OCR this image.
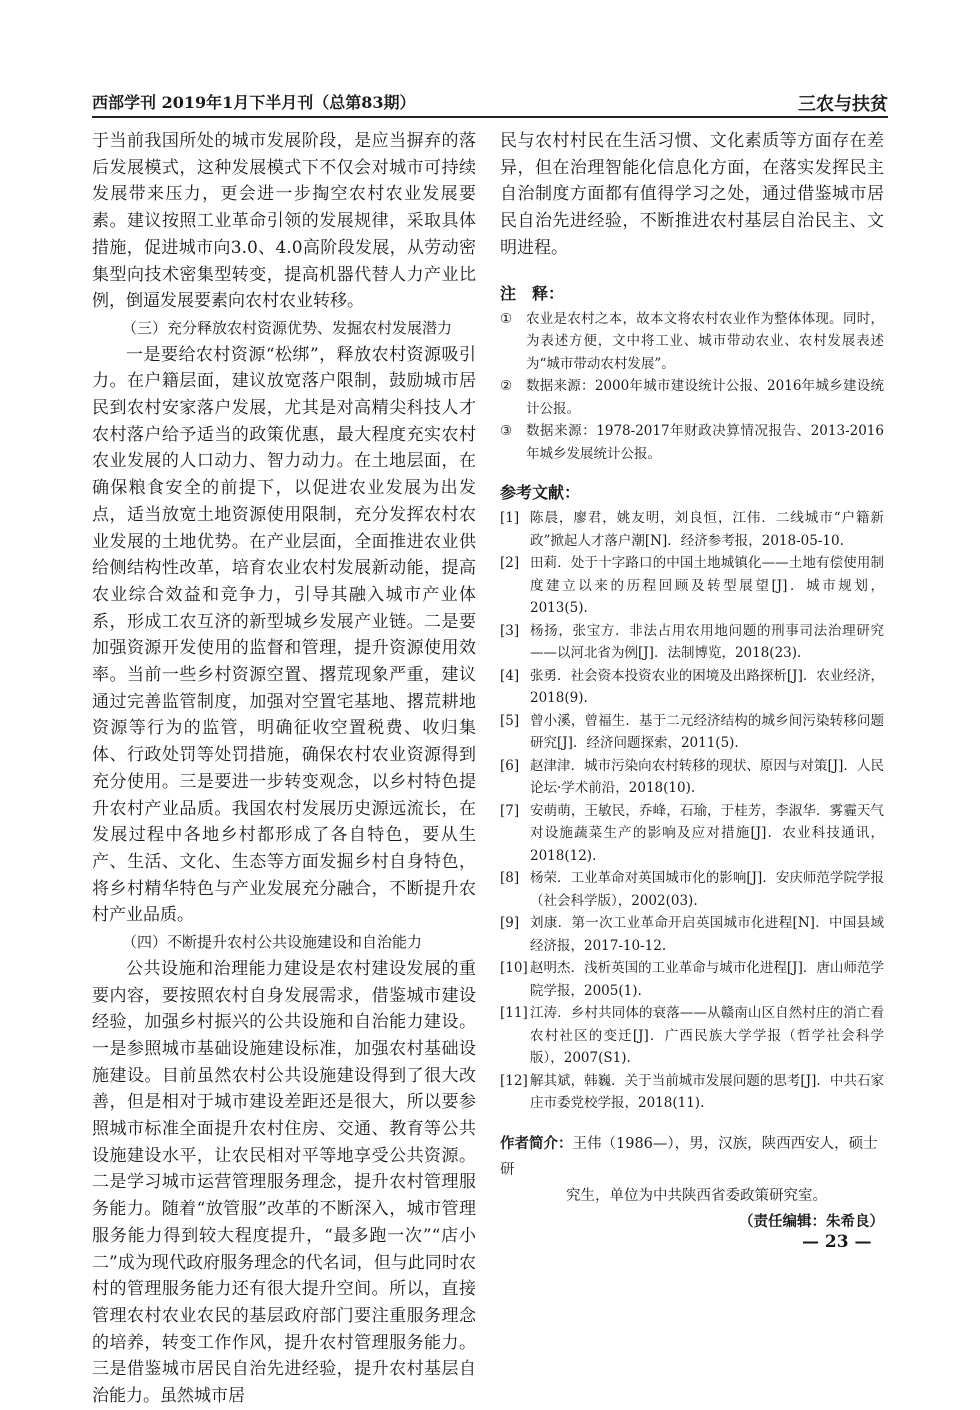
西部学刊 2019年1月下半月刊（总第83期）	三农与扶贫

于当前我国所处的城市发展阶段，是应当摒弃的落后发展模式，这种发展模式下不仅会对城市可持续发展带来压力，更会进一步掏空农村农业发展要素。建议按照工业革命引领的发展规律，采取具体措施，促进城市向3.0、4.0高阶段发展，从劳动密集型向技术密集型转变，提高机器代替人力产业比例，倒逼发展要素向农村农业转移。

（三）充分释放农村资源优势、发掘农村发展潜力

一是要给农村资源“松绑”，释放农村资源吸引力。在户籍层面，建议放宽落户限制，鼓励城市居民到农村安家落户发展，尤其是对高精尖科技人才农村落户给予适当的政策优惠，最大程度充实农村农业发展的人口动力、智力动力。在土地层面，在确保粮食安全的前提下，以促进农业发展为出发点，适当放宽土地资源使用限制，充分发挥农村农业发展的土地优势。在产业层面，全面推进农业供给侧结构性改革，培育农业农村发展新动能，提高农业综合效益和竞争力，引导其融入城市产业体系，形成工农互济的新型城乡发展产业链。二是要加强资源开发使用的监督和管理，提升资源使用效率。当前一些乡村资源空置、撂荒现象严重，建议通过完善监管制度，加强对空置宅基地、撂荒耕地资源等行为的监管，明确征收空置税费、收归集体、行政处罚等处罚措施，确保农村农业资源得到充分使用。三是要进一步转变观念，以乡村特色提升农村产业品质。我国农村发展历史源远流长，在发展过程中各地乡村都形成了各自特色，要从生产、生活、文化、生态等方面发掘乡村自身特色，将乡村精华特色与产业发展充分融合，不断提升农村产业品质。

（四）不断提升农村公共设施建设和自治能力

公共设施和治理能力建设是农村建设发展的重要内容，要按照农村自身发展需求，借鉴城市建设经验，加强乡村振兴的公共设施和自治能力建设。一是参照城市基础设施建设标准，加强农村基础设施建设。目前虽然农村公共设施建设得到了很大改善，但是相对于城市建设差距还是很大，所以要参照城市标准全面提升农村住房、交通、教育等公共设施建设水平，让农民相对平等地享受公共资源。二是学习城市运营管理服务理念，提升农村管理服务能力。随着“放管服”改革的不断深入，城市管理服务能力得到较大程度提升，“最多跑一次”“店小二”成为现代政府服务理念的代名词，但与此同时农村的管理服务能力还有很大提升空间。所以，直接管理农村农业农民的基层政府部门要注重服务理念的培养，转变工作作风，提升农村管理服务能力。三是借鉴城市居民自治先进经验，提升农村基层自治能力。虽然城市居

民与农村村民在生活习惯、文化素质等方面存在差异，但在治理智能化信息化方面，在落实发挥民主自治制度方面都有值得学习之处，通过借鉴城市居民自治先进经验，不断推进农村基层自治民主、文明进程。

注　释：

①	农业是农村之本，故本文将农村农业作为整体体现。同时，为表述方便，文中将工业、城市带动农业、农村发展表述为“城市带动农村发展”。
②	数据来源：2000年城市建设统计公报、2016年城乡建设统计公报。
③	数据来源：1978-2017年财政决算情况报告、2013-2016年城乡发展统计公报。

参考文献：

[1] 陈晨，廖君，姚友明，刘良恒，江伟．二线城市“户籍新政”掀起人才落户潮[N]．经济参考报，2018-05-10.
[2] 田莉．处于十字路口的中国土地城镇化——土地有偿使用制度建立以来的历程回顾及转型展望[J]．城市规划，2013(5).
[3] 杨扬，张宝方．非法占用农用地问题的刑事司法治理研究——以河北省为例[J]．法制博览，2018(23).
[4] 张勇．社会资本投资农业的困境及出路探析[J]．农业经济，2018(9).
[5] 曾小溪，曾福生．基于二元经济结构的城乡间污染转移问题研究[J]．经济问题探索，2011(5).
[6] 赵津津．城市污染向农村转移的现状、原因与对策[J]．人民论坛·学术前沿，2018(10).
[7] 安萌萌，王敏民，乔峰，石瑜，于桂芳，李淑华．雾霾天气对设施蔬菜生产的影响及应对措施[J]．农业科技通讯，2018(12).
[8] 杨荣．工业革命对英国城市化的影响[J]．安庆师范学院学报（社会科学版），2002(03).
[9] 刘康．第一次工业革命开启英国城市化进程[N]．中国县域经济报，2017-10-12.
[10] 赵明杰．浅析英国的工业革命与城市化进程[J]．唐山师范学院学报，2005(1).
[11] 江涛．乡村共同体的衰落——从赣南山区自然村庄的消亡看农村社区的变迁[J]．广西民族大学学报（哲学社会科学版），2007(S1).
[12] 解其斌，韩巍．关于当前城市发展问题的思考[J]．中共石家庄市委党校学报，2018(11).

作者简介：王伟（1986—），男，汉族，陕西西安人，硕士研

究生，单位为中共陕西省委政策研究室。

（责任编辑：朱希良）

— 23 —
